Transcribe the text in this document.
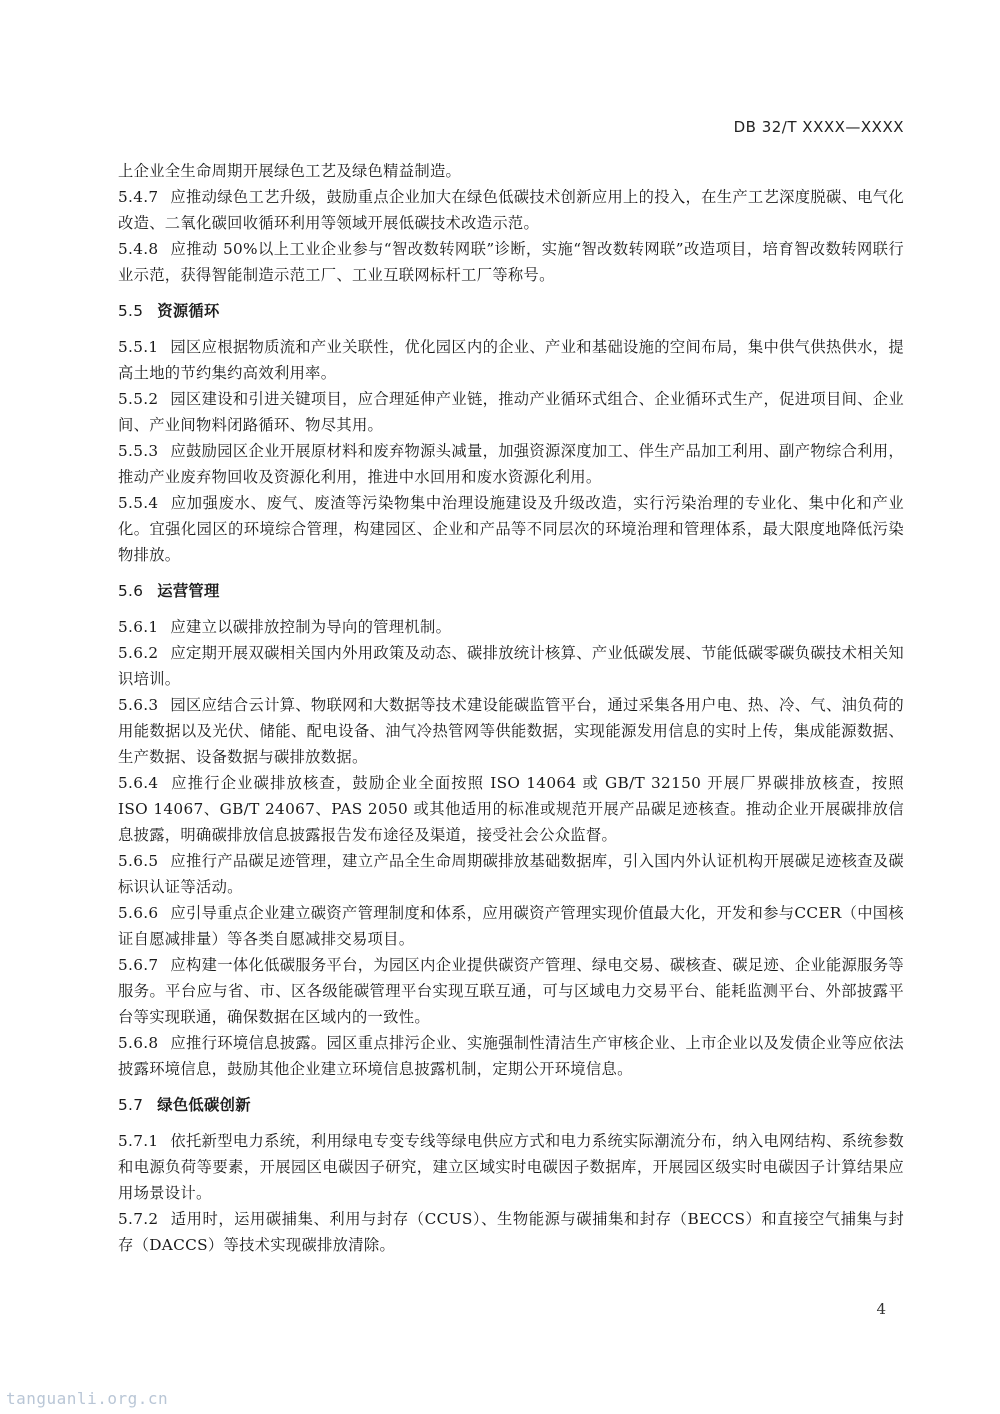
DB 32/T XXXX—XXXX

上企业全生命周期开展绿色工艺及绿色精益制造。

5.4.7 应推动绿色工艺升级，鼓励重点企业加大在绿色低碳技术创新应用上的投入，在生产工艺深度脱碳、电气化改造、二氧化碳回收循环利用等领域开展低碳技术改造示范。

5.4.8 应推动 50%以上工业企业参与“智改数转网联”诊断，实施“智改数转网联”改造项目，培育智改数转网联行业示范，获得智能制造示范工厂、工业互联网标杆工厂等称号。

5.5 资源循环

5.5.1 园区应根据物质流和产业关联性，优化园区内的企业、产业和基础设施的空间布局，集中供气供热供水，提高土地的节约集约高效利用率。

5.5.2 园区建设和引进关键项目，应合理延伸产业链，推动产业循环式组合、企业循环式生产，促进项目间、企业间、产业间物料闭路循环、物尽其用。

5.5.3 应鼓励园区企业开展原材料和废弃物源头减量，加强资源深度加工、伴生产品加工利用、副产物综合利用，推动产业废弃物回收及资源化利用，推进中水回用和废水资源化利用。

5.5.4 应加强废水、废气、废渣等污染物集中治理设施建设及升级改造，实行污染治理的专业化、集中化和产业化。宜强化园区的环境综合管理，构建园区、企业和产品等不同层次的环境治理和管理体系，最大限度地降低污染物排放。

5.6 运营管理

5.6.1 应建立以碳排放控制为导向的管理机制。

5.6.2 应定期开展双碳相关国内外用政策及动态、碳排放统计核算、产业低碳发展、节能低碳零碳负碳技术相关知识培训。

5.6.3 园区应结合云计算、物联网和大数据等技术建设能碳监管平台，通过采集各用户电、热、冷、气、油负荷的用能数据以及光伏、储能、配电设备、油气冷热管网等供能数据，实现能源发用信息的实时上传，集成能源数据、生产数据、设备数据与碳排放数据。

5.6.4 应推行企业碳排放核查，鼓励企业全面按照 ISO 14064 或 GB/T 32150 开展厂界碳排放核查，按照 ISO 14067、GB/T 24067、PAS 2050 或其他适用的标准或规范开展产品碳足迹核查。推动企业开展碳排放信息披露，明确碳排放信息披露报告发布途径及渠道，接受社会公众监督。

5.6.5 应推行产品碳足迹管理，建立产品全生命周期碳排放基础数据库，引入国内外认证机构开展碳足迹核查及碳标识认证等活动。

5.6.6 应引导重点企业建立碳资产管理制度和体系，应用碳资产管理实现价值最大化，开发和参与CCER（中国核证自愿减排量）等各类自愿减排交易项目。

5.6.7 应构建一体化低碳服务平台，为园区内企业提供碳资产管理、绿电交易、碳核查、碳足迹、企业能源服务等服务。平台应与省、市、区各级能碳管理平台实现互联互通，可与区域电力交易平台、能耗监测平台、外部披露平台等实现联通，确保数据在区域内的一致性。

5.6.8 应推行环境信息披露。园区重点排污企业、实施强制性清洁生产审核企业、上市企业以及发债企业等应依法披露环境信息，鼓励其他企业建立环境信息披露机制，定期公开环境信息。

5.7 绿色低碳创新

5.7.1 依托新型电力系统，利用绿电专变专线等绿电供应方式和电力系统实际潮流分布，纳入电网结构、系统参数和电源负荷等要素，开展园区电碳因子研究，建立区域实时电碳因子数据库，开展园区级实时电碳因子计算结果应用场景设计。

5.7.2 适用时，运用碳捕集、利用与封存（CCUS）、生物能源与碳捕集和封存（BECCS）和直接空气捕集与封存（DACCS）等技术实现碳排放清除。

4
tanguanli.org.cn
